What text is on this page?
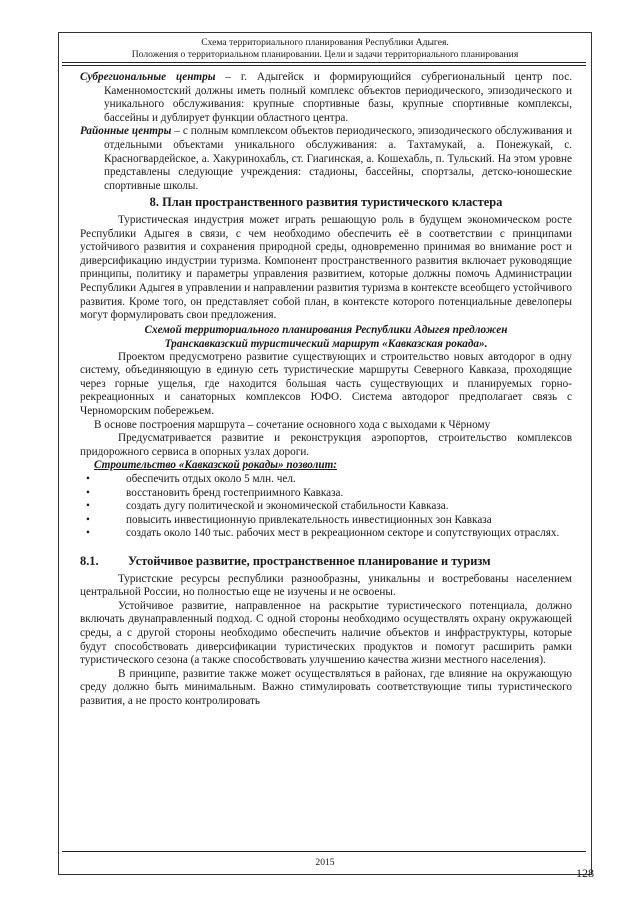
Схема территориального планирования Республики Адыгея.
Положения о территориальном планировании. Цели и задачи территориального планирования

Субрегиональные центры – г. Адыгейск и формирующийся субрегиональный центр пос. Каменномостский должны иметь полный комплекс объектов периодического, эпизодического и уникального обслуживания: крупные спортивные базы, крупные спортивные комплексы, бассейны и дублирует функции областного центра.

Районные центры – с полным комплексом объектов периодического, эпизодического обслуживания и отдельными объектами уникального обслуживания: а. Тахтамукай, а. Понежукай, с. Красногвардейское, а. Хакуринохабль, ст. Гиагинская, а. Кошехабль, п. Тульский. На этом уровне представлены следующие учреждения: стадионы, бассейны, спортзалы, детско-юношеские спортивные школы.

8. План пространственного развития туристического кластера

Туристическая индустрия может играть решающую роль в будущем экономическом росте Республики Адыгея в связи, с чем необходимо обеспечить её в соответствии с принципами устойчивого развития и сохранения природной среды, одновременно принимая во внимание рост и диверсификацию индустрии туризма. Компонент пространственного развития включает руководящие принципы, политику и параметры управления развитием, которые должны помочь Администрации Республики Адыгея в управлении и направлении развития туризма в контексте всеобщего устойчивого развития. Кроме того, он представляет собой план, в контексте которого потенциальные девелоперы могут формулировать свои предложения.

Схемой территориального планирования Республики Адыгея предложен
Транскавказский туристический маршрут «Кавказская рокада».

Проектом предусмотрено развитие существующих и строительство новых автодорог в одну систему, объединяющую в единую сеть туристические маршруты Северного Кавказа, проходящие через горные ущелья, где находится большая часть существующих и планируемых горно-рекреационных и санаторных комплексов ЮФО. Система автодорог предполагает связь с Черноморским побережьем.

В основе построения маршрута – сочетание основного хода с выходами к Чёрному

Предусматривается развитие и реконструкция аэропортов, строительство комплексов придорожного сервиса в опорных узлах дороги.

Строительство «Кавказской рокады» позволит:

•	обеспечить отдых около 5 млн. чел.
•	восстановить бренд гостеприимного Кавказа.
•	создать дугу политической и экономической стабильности Кавказа.
•	повысить инвестиционную привлекательность инвестиционных зон Кавказа
•	создать около 140 тыс. рабочих мест в рекреационном секторе и сопутствующих отраслях.
8.1. Устойчивое развитие, пространственное планирование и туризм

Туристские ресурсы республики разнообразны, уникальны и востребованы населением центральной России, но полностью еще не изучены и не освоены.

Устойчивое развитие, направленное на раскрытие туристического потенциала, должно включать двунаправленный подход. С одной стороны необходимо осуществлять охрану окружающей среды, а с другой стороны необходимо обеспечить наличие объектов и инфраструктуры, которые будут способствовать диверсификации туристических продуктов и помогут расширить рамки туристического сезона (а также способствовать улучшению качества жизни местного населения).

В принципе, развитие также может осуществляться в районах, где влияние на окружающую среду должно быть минимальным. Важно стимулировать соответствующие типы туристического развития, а не просто контролировать

2015
128
